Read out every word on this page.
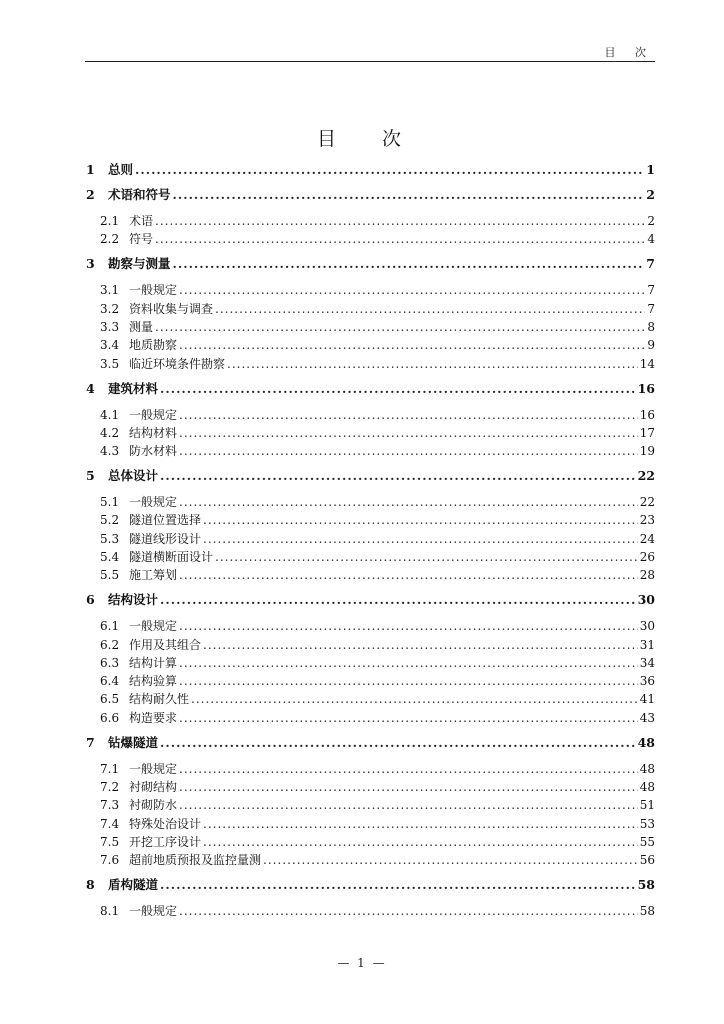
目 次
目 次
1	总则 .....	1
2	术语和符号 .....	2
2.1 术语 .....	2
2.2 符号 .....	4
3	勘察与测量 .....	7
3.1 一般规定 .....	7
3.2 资料收集与调查 .....	7
3.3 测量 .....	8
3.4 地质勘察 .....	9
3.5 临近环境条件勘察 .....	14
4	建筑材料 .....	16
4.1 一般规定 .....	16
4.2 结构材料 .....	17
4.3 防水材料 .....	19
5	总体设计 .....	22
5.1 一般规定 .....	22
5.2 隧道位置选择 .....	23
5.3 隧道线形设计 .....	24
5.4 隧道横断面设计 .....	26
5.5 施工筹划 .....	28
6	结构设计 .....	30
6.1 一般规定 .....	30
6.2 作用及其组合 .....	31
6.3 结构计算 .....	34
6.4 结构验算 .....	36
6.5 结构耐久性 .....	41
6.6 构造要求 .....	43
7	钻爆隧道 .....	48
7.1 一般规定 .....	48
7.2 衬砌结构 .....	48
7.3 衬砌防水 .....	51
7.4 特殊处治设计 .....	53
7.5 开挖工序设计 .....	55
7.6 超前地质预报及监控量测 .....	56
8	盾构隧道 .....	58
8.1 一般规定 .....	58
— 1 —
